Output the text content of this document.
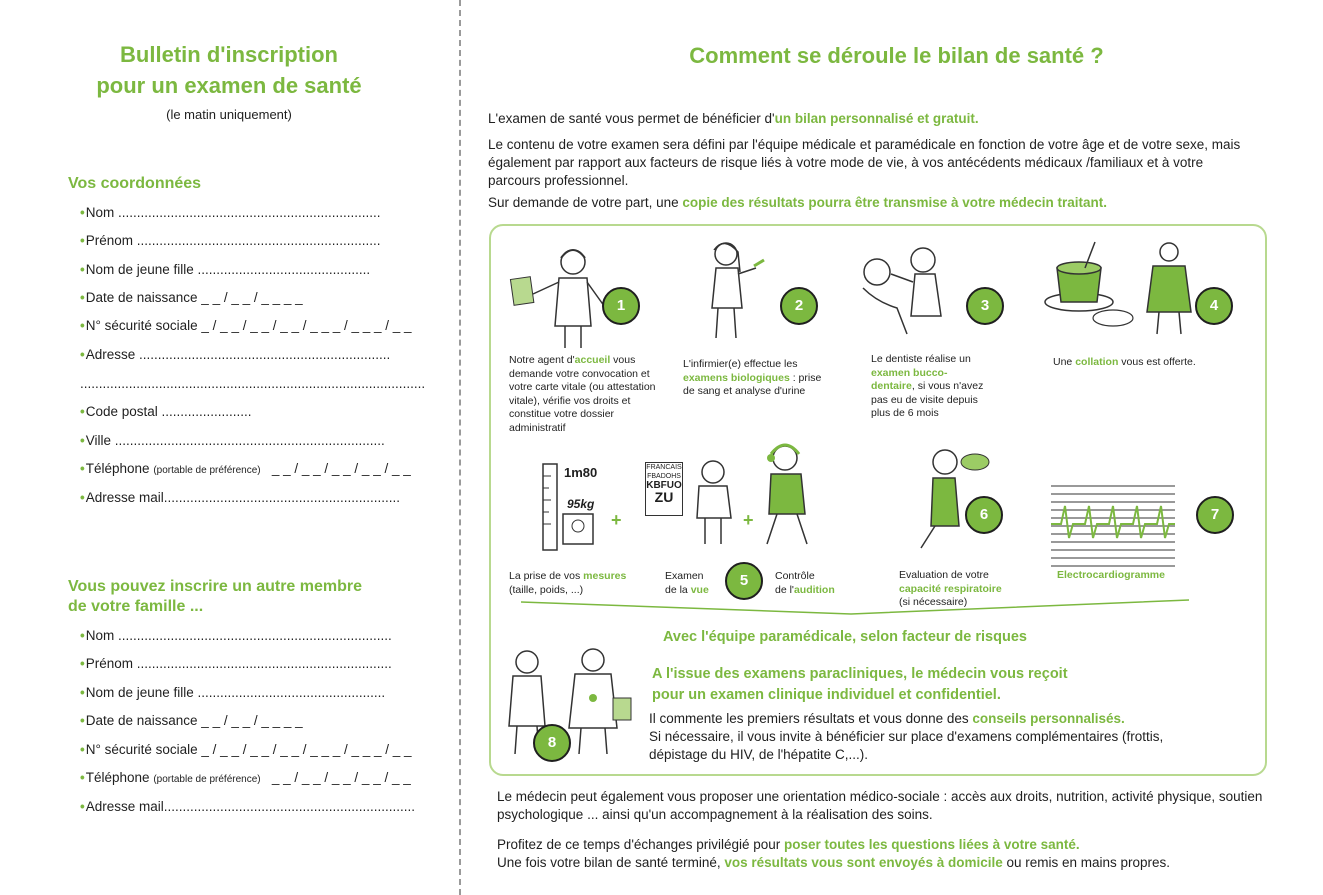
Bulletin d'inscription
pour un examen de santé
(le matin uniquement)
Vos coordonnées
•Nom ......................................................................
•Prénom .................................................................
•Nom de jeune fille ..............................................
•Date de naissance _ _ / _ _ / _ _ _ _
•N° sécurité sociale _ / _ _ / _ _ / _ _ / _ _ _ / _ _ _ / _ _
•Adresse ...................................................................
............................................................................................
•Code postal ........................
•Ville ........................................................................
•Téléphone (portable de préférence) _ _ / _ _ / _ _ / _ _ / _ _
•Adresse mail...............................................................
Vous pouvez inscrire un autre membre
de votre famille ...
•Nom .........................................................................
•Prénom ....................................................................
•Nom de jeune fille ..................................................
•Date de naissance _ _ / _ _ / _ _ _ _
•N° sécurité sociale _ / _ _ / _ _ / _ _ / _ _ _ / _ _ _ / _ _
•Téléphone (portable de préférence) _ _ / _ _ / _ _ / _ _ / _ _
•Adresse mail...................................................................
Comment se déroule le bilan de santé ?
L'examen de santé vous permet de bénéficier d'un bilan personnalisé et gratuit.
Le contenu de votre examen sera défini par l'équipe médicale et paramédicale en fonction de votre âge et de votre sexe, mais également par rapport aux facteurs de risque liés à votre mode de vie, à vos antécédents médicaux /familiaux et à votre parcours professionnel.
Sur demande de votre part, une copie des résultats pourra être transmise à votre médecin traitant.
1
Notre agent d'accueil vous demande votre convocation et votre carte vitale (ou attestation vitale), vérifie vos droits et constitue votre dossier administratif
2
L'infirmier(e) effectue les examens biologiques : prise de sang et analyse d'urine
3
Le dentiste réalise un examen bucco-dentaire, si vous n'avez pas eu de visite depuis plus de 6 mois
4
Une collation vous est offerte.
1m80
95kg
+
FRANCAIS
FBADOHS
KBFUO
ZU
+
5
La prise de vos mesures
(taille, poids, ...)
Examen
de la vue
Contrôle
de l'audition
6
Evaluation de votre
capacité respiratoire
(si nécessaire)
7
Electrocardiogramme
Avec l'équipe paramédicale, selon facteur de risques
8
A l'issue des examens paracliniques, le médecin vous reçoit
pour un examen clinique individuel et confidentiel.
Il commente les premiers résultats et vous donne des conseils personnalisés.
Si nécessaire, il vous invite à bénéficier sur place d'examens complémentaires (frottis, dépistage du HIV, de l'hépatite C,...).
Le médecin peut également vous proposer une orientation médico-sociale : accès aux droits, nutrition, activité physique, soutien psychologique ... ainsi qu'un accompagnement à la réalisation des soins.
Profitez de ce temps d'échanges privilégié pour poser toutes les questions liées à votre santé.
Une fois votre bilan de santé terminé, vos résultats vous sont envoyés à domicile ou remis en mains propres.
